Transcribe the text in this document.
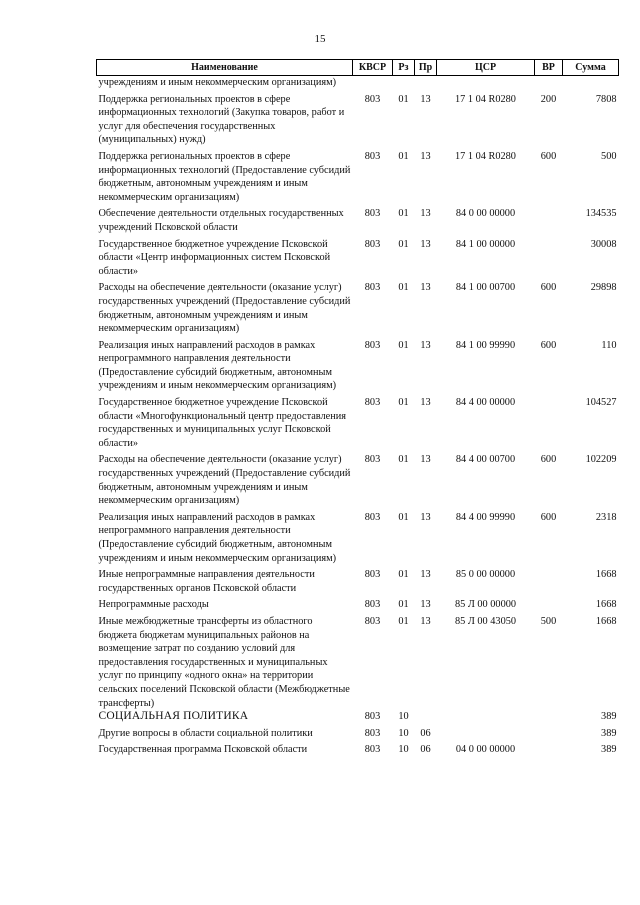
15
Наименование	КВСР	Рз	Пр	ЦСР	ВР	Сумма
учреждениям и иным некоммерческим организациям)						
Поддержка региональных проектов в сфере информационных технологий (Закупка товаров, работ и услуг для обеспечения государственных (муниципальных) нужд)	803	01	13	17 1 04 R0280	200	7808
Поддержка региональных проектов в сфере информационных технологий (Предоставление субсидий бюджетным, автономным учреждениям и иным некоммерческим организациям)	803	01	13	17 1 04 R0280	600	500
Обеспечение деятельности отдельных государственных учреждений Псковской области	803	01	13	84 0 00 00000		134535
Государственное бюджетное учреждение Псковской области «Центр информационных систем Псковской области»	803	01	13	84 1 00 00000		30008
Расходы на обеспечение деятельности (оказание услуг) государственных учреждений (Предоставление субсидий бюджетным, автономным учреждениям и иным некоммерческим организациям)	803	01	13	84 1 00 00700	600	29898
Реализация иных направлений расходов в рамках непрограммного направления деятельности (Предоставление субсидий бюджетным, автономным учреждениям и иным некоммерческим организациям)	803	01	13	84 1 00 99990	600	110
Государственное бюджетное учреждение Псковской области «Многофункциональный центр предоставления государственных и муниципальных услуг Псковской области»	803	01	13	84 4 00 00000		104527
Расходы на обеспечение деятельности (оказание услуг) государственных учреждений (Предоставление субсидий бюджетным, автономным учреждениям и иным некоммерческим организациям)	803	01	13	84 4 00 00700	600	102209
Реализация иных направлений расходов в рамках непрограммного направления деятельности (Предоставление субсидий бюджетным, автономным учреждениям и иным некоммерческим организациям)	803	01	13	84 4 00 99990	600	2318
Иные непрограммные направления деятельности государственных органов Псковской области	803	01	13	85 0 00 00000		1668
Непрограммные расходы	803	01	13	85 Л 00 00000		1668
Иные межбюджетные трансферты из областного бюджета бюджетам муниципальных районов на возмещение затрат по созданию условий для предоставления государственных и муниципальных услуг по принципу «одного окна» на территории сельских поселений Псковской области (Межбюджетные трансферты)	803	01	13	85 Л 00 43050	500	1668
СОЦИАЛЬНАЯ ПОЛИТИКА	803	10				389
Другие вопросы в области социальной политики	803	10	06			389
Государственная программа Псковской области	803	10	06	04 0 00 00000		389
